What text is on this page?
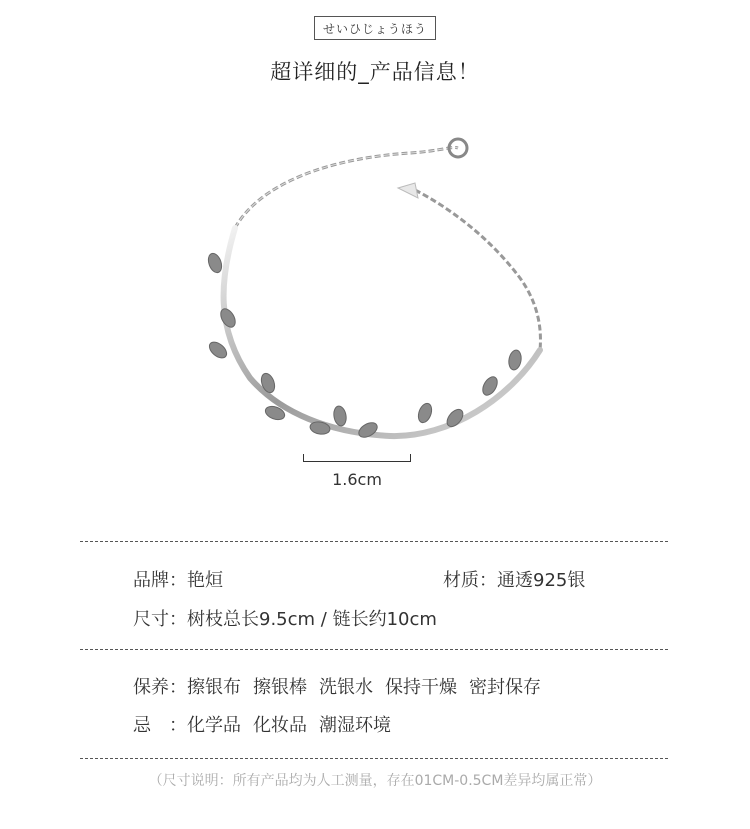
せいひじょうほう
超详细的_产品信息！
1.6cm
品牌：艳烜	材质：通透925银
尺寸：树枝总长9.5cm / 链长约10cm
保养：擦银布 擦银棒 洗银水 保持干燥 密封保存
忌　：化学品 化妆品 潮湿环境
（尺寸说明：所有产品均为人工测量，存在01CM-0.5CM差异均属正常）
